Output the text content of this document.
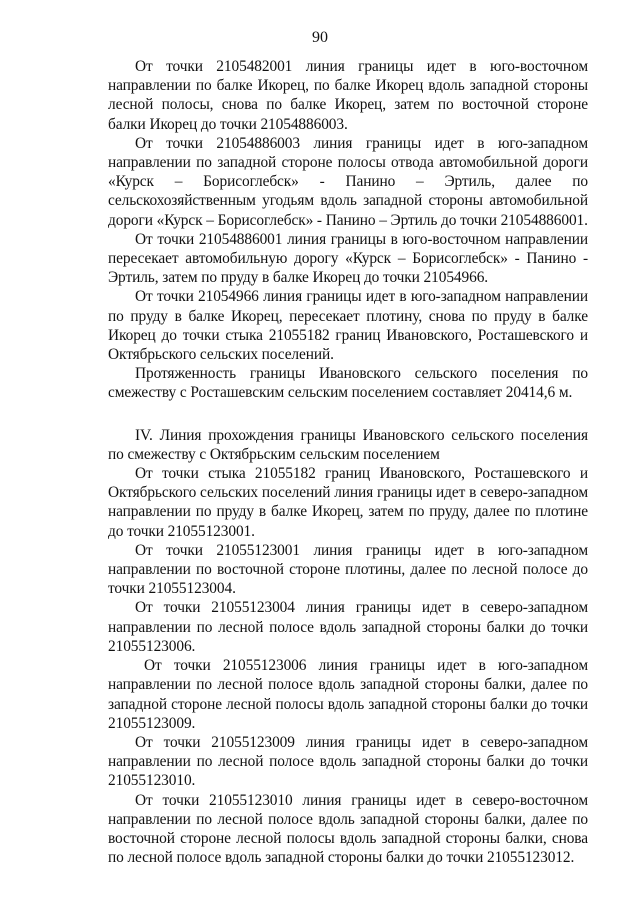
90

От точки 2105482001 линия границы идет в юго-восточном направлении по балке Икорец, по балке Икорец вдоль западной стороны лесной полосы, снова по балке Икорец, затем по восточной стороне балки Икорец до точки 21054886003.

От точки 21054886003 линия границы идет в юго-западном направлении по западной стороне полосы отвода автомобильной дороги «Курск – Борисоглебск» - Панино – Эртиль, далее по сельскохозяйственным угодьям вдоль западной стороны автомобильной дороги «Курск – Борисоглебск» - Панино – Эртиль до точки 21054886001.

От точки 21054886001 линия границы в юго-восточном направлении пересекает автомобильную дорогу «Курск – Борисоглебск» - Панино - Эртиль, затем по пруду в балке Икорец до точки 21054966.

От точки 21054966 линия границы идет в юго-западном направлении по пруду в балке Икорец, пересекает плотину, снова по пруду в балке Икорец до точки стыка 21055182 границ Ивановского, Росташевского и Октябрьского сельских поселений.

Протяженность границы Ивановского сельского поселения по смежеству с Росташевским сельским поселением составляет 20414,6 м.

IV. Линия прохождения границы Ивановского сельского поселения по смежеству с Октябрьским сельским поселением

От точки стыка 21055182 границ Ивановского, Росташевского и Октябрьского сельских поселений линия границы идет в северо-западном направлении по пруду в балке Икорец, затем по пруду, далее по плотине до точки 21055123001.

От точки 21055123001 линия границы идет в юго-западном направлении по восточной стороне плотины, далее по лесной полосе до точки 21055123004.

От точки 21055123004 линия границы идет в северо-западном направлении по лесной полосе вдоль западной стороны балки до точки 21055123006.

От точки 21055123006 линия границы идет в юго-западном направлении по лесной полосе вдоль западной стороны балки, далее по западной стороне лесной полосы вдоль западной стороны балки до точки 21055123009.

От точки 21055123009 линия границы идет в северо-западном направлении по лесной полосе вдоль западной стороны балки до точки 21055123010.

От точки 21055123010 линия границы идет в северо-восточном направлении по лесной полосе вдоль западной стороны балки, далее по восточной стороне лесной полосы вдоль западной стороны балки, снова по лесной полосе вдоль западной стороны балки до точки 21055123012.
